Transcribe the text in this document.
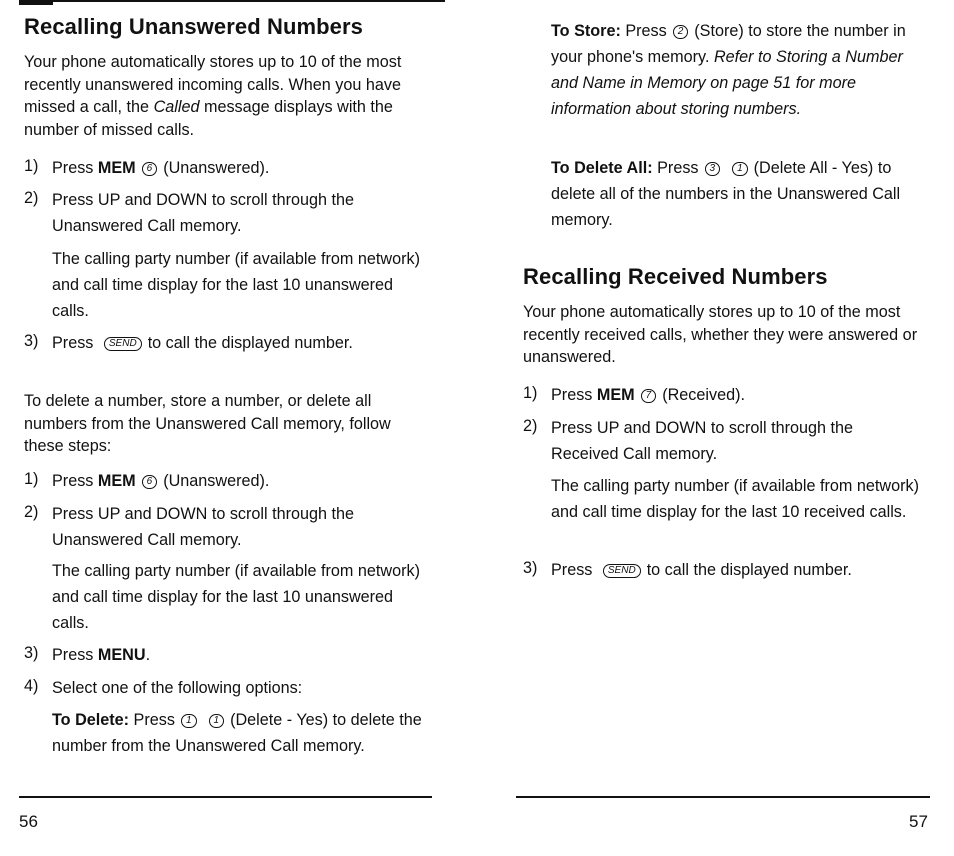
Recalling Unanswered Numbers

Your phone automatically stores up to 10 of the most recently unanswered incoming calls. When you have missed a call, the Called message displays with the number of missed calls.

1) Press MEM 6 (Unanswered).
2) Press UP and DOWN to scroll through the Unanswered Call memory.
The calling party number (if available from network) and call time display for the last 10 unanswered calls.
3) Press SEND to call the displayed number.

To delete a number, store a number, or delete all numbers from the Unanswered Call memory, follow these steps:

1) Press MEM 6 (Unanswered).
2) Press UP and DOWN to scroll through the Unanswered Call memory.
The calling party number (if available from network) and call time display for the last 10 unanswered calls.
3) Press MENU.
4) Select one of the following options:
To Delete: Press 1 1 (Delete - Yes) to delete the number from the Unanswered Call memory.
56
To Store: Press 2 (Store) to store the number in your phone's memory. Refer to Storing a Number and Name in Memory on page 51 for more information about storing numbers.
To Delete All: Press 3 1 (Delete All - Yes) to delete all of the numbers in the Unanswered Call memory.
Recalling Received Numbers

Your phone automatically stores up to 10 of the most recently received calls, whether they were answered or unanswered.

1) Press MEM 7 (Received).
2) Press UP and DOWN to scroll through the Received Call memory.
The calling party number (if available from network) and call time display for the last 10 received calls.
3) Press SEND to call the displayed number.
57
